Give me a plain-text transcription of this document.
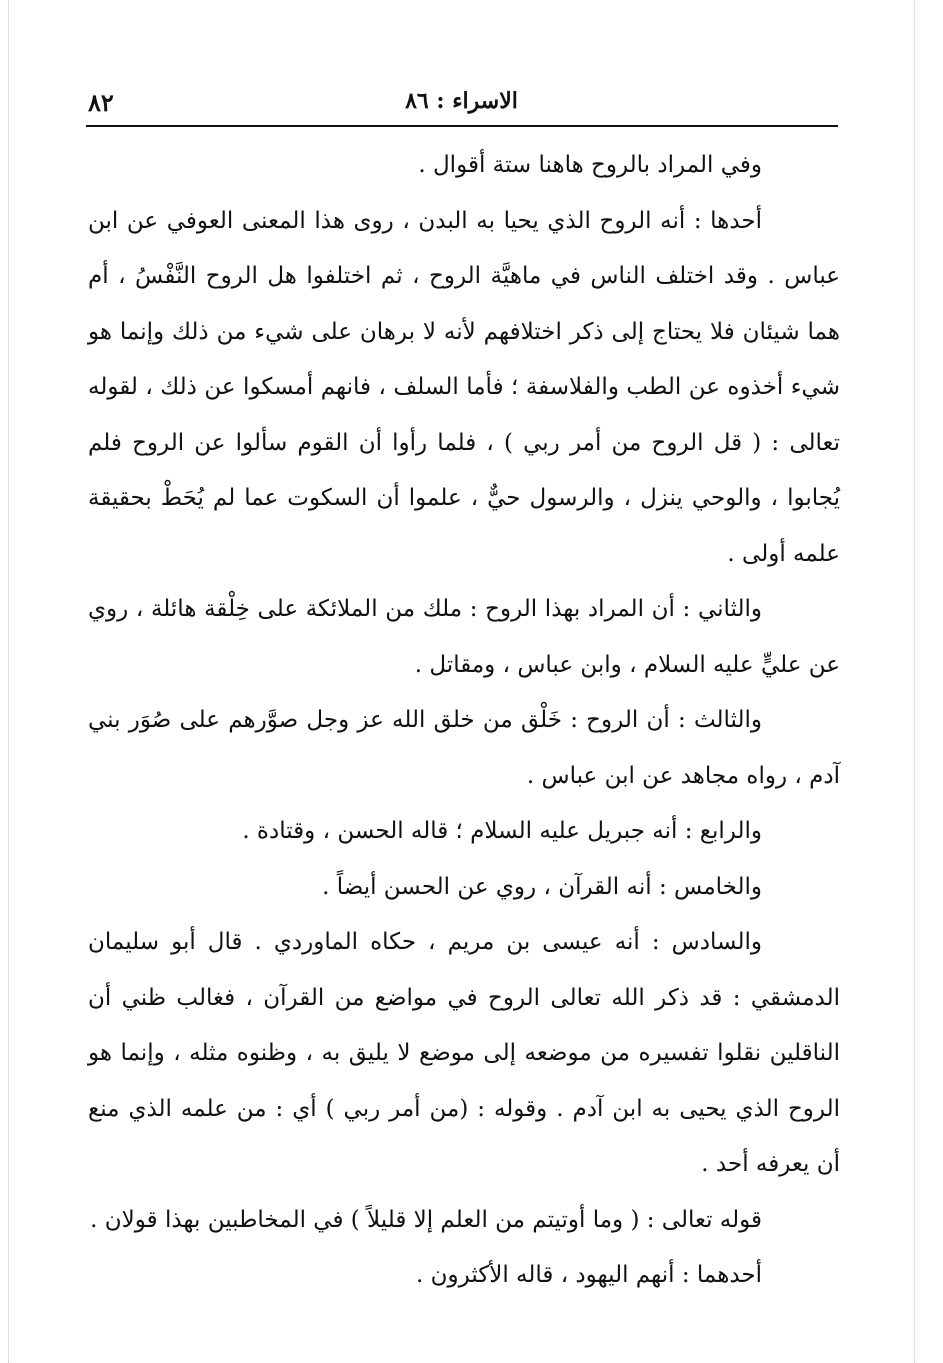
٨٢	الاسراء : ٨٦

وفي المراد بالروح هاهنا ستة أقوال .

أحدها : أنه الروح الذي يحيا به البدن ، روى هذا المعنى العوفي عن ابن عباس . وقد اختلف الناس في ماهيَّة الروح ، ثم اختلفوا هل الروح النَّفْسُ ، أم هما شيئان فلا يحتاج إلى ذكر اختلافهم لأنه لا برهان على شيء من ذلك وإنما هو شيء أخذوه عن الطب والفلاسفة ؛ فأما السلف ، فانهم أمسكوا عن ذلك ، لقوله تعالى : ( قل الروح من أمر ربي ) ، فلما رأوا أن القوم سألوا عن الروح فلم يُجابوا ، والوحي ينزل ، والرسول حيٌّ ، علموا أن السكوت عما لم يُحَطْ بحقيقة علمه أولى .

والثاني : أن المراد بهذا الروح : ملك من الملائكة على خِلْقة هائلة ، روي عن عليٍّ عليه السلام ، وابن عباس ، ومقاتل .

والثالث : أن الروح : خَلْق من خلق الله عز وجل صوَّرهم على صُوَر بني آدم ، رواه مجاهد عن ابن عباس .

والرابع : أنه جبريل عليه السلام ؛ قاله الحسن ، وقتادة .

والخامس : أنه القرآن ، روي عن الحسن أيضاً .

والسادس : أنه عيسى بن مريم ، حكاه الماوردي . قال أبو سليمان الدمشقي : قد ذكر الله تعالى الروح في مواضع من القرآن ، فغالب ظني أن الناقلين نقلوا تفسيره من موضعه إلى موضع لا يليق به ، وظنوه مثله ، وإنما هو الروح الذي يحيى به ابن آدم . وقوله : (من أمر ربي ) أي : من علمه الذي منع أن يعرفه أحد .

قوله تعالى : ( وما أوتيتم من العلم إلا قليلاً ) في المخاطبين بهذا قولان .

أحدهما : أنهم اليهود ، قاله الأكثرون .
